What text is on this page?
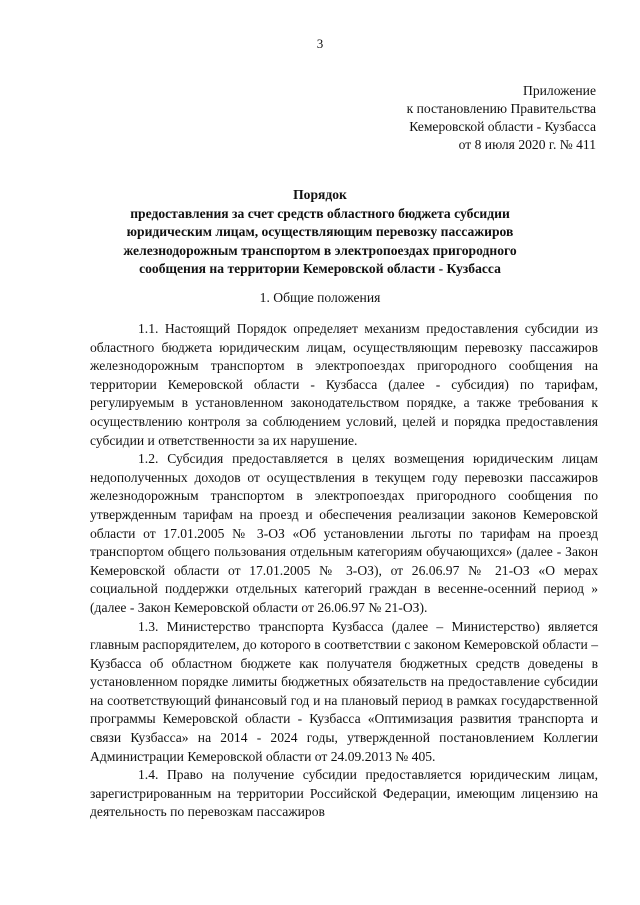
3
Приложение
к постановлению Правительства
Кемеровской области - Кузбасса
от 8 июля 2020 г. № 411
Порядок
предоставления за счет средств областного бюджета субсидии
юридическим лицам, осуществляющим перевозку пассажиров
железнодорожным транспортом в электропоездах пригородного
сообщения на территории Кемеровской области - Кузбасса
1. Общие положения

1.1. Настоящий Порядок определяет механизм предоставления субсидии из областного бюджета юридическим лицам, осуществляющим перевозку пассажиров железнодорожным транспортом в электропоездах пригородного сообщения на территории Кемеровской области - Кузбасса (далее - субсидия) по тарифам, регулируемым в установленном законодательством порядке, а также требования к осуществлению контроля за соблюдением условий, целей и порядка предоставления субсидии и ответственности за их нарушение.

1.2. Субсидия предоставляется в целях возмещения юридическим лицам недополученных доходов от осуществления в текущем году перевозки пассажиров железнодорожным транспортом в электропоездах пригородного сообщения по утвержденным тарифам на проезд и обеспечения реализации законов Кемеровской области от 17.01.2005 № 3-ОЗ «Об установлении льготы по тарифам на проезд транспортом общего пользования отдельным категориям обучающихся» (далее - Закон Кемеровской области от 17.01.2005 № 3-ОЗ), от 26.06.97 № 21-ОЗ «О мерах социальной поддержки отдельных категорий граждан в весенне-осенний период » (далее - Закон Кемеровской области от 26.06.97 № 21-ОЗ).

1.3. Министерство транспорта Кузбасса (далее – Министерство) является главным распорядителем, до которого в соответствии с законом Кемеровской области – Кузбасса об областном бюджете как получателя бюджетных средств доведены в установленном порядке лимиты бюджетных обязательств на предоставление субсидии на соответствующий финансовый год и на плановый период в рамках государственной программы Кемеровской области - Кузбасса «Оптимизация развития транспорта и связи Кузбасса» на 2014 - 2024 годы, утвержденной постановлением Коллегии Администрации Кемеровской области от 24.09.2013 № 405.

1.4. Право на получение субсидии предоставляется юридическим лицам, зарегистрированным на территории Российской Федерации, имеющим лицензию на деятельность по перевозкам пассажиров
